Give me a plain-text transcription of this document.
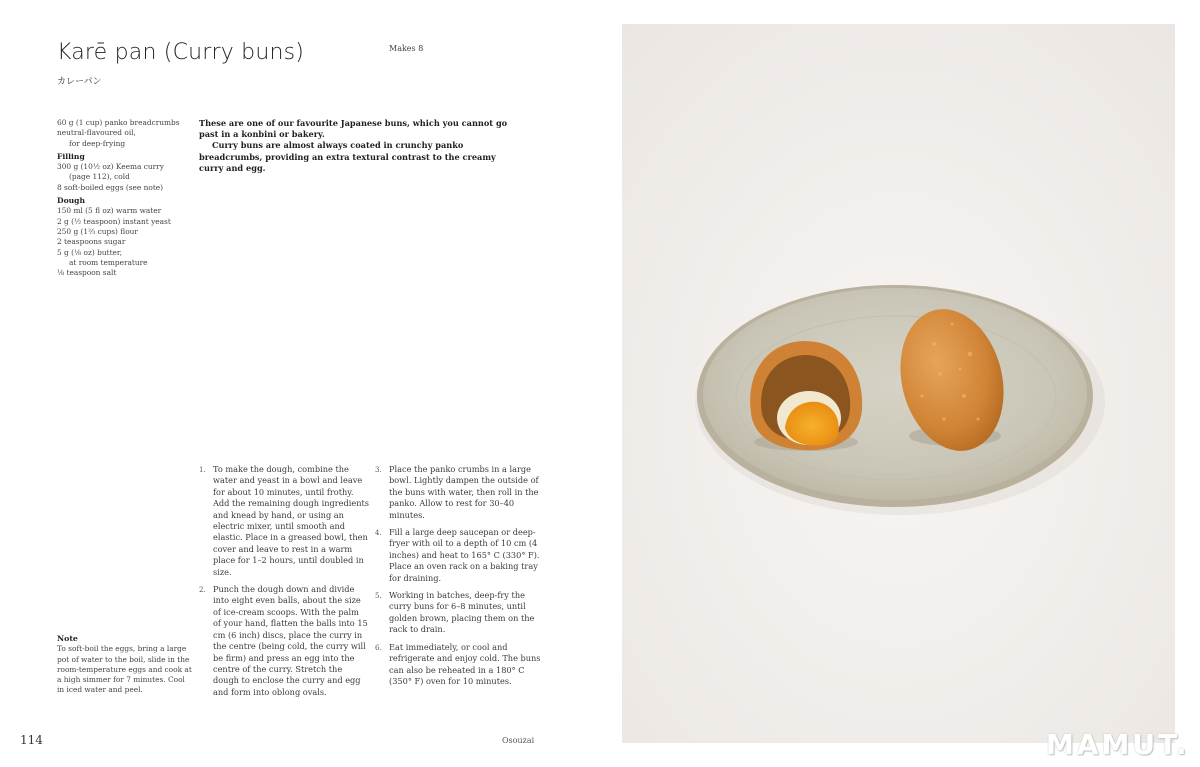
Karē pan (Curry buns)
カレーパン
Makes 8
60 g (1 cup) panko breadcrumbs
neutral-flavoured oil,
for deep-frying
Filling
300 g (10½ oz) Keema curry
(page 112), cold
8 soft-boiled eggs (see note)
Dough
150 ml (5 fl oz) warm water
2 g (½ teaspoon) instant yeast
250 g (1⅔ cups) flour
2 teaspoons sugar
5 g (⅛ oz) butter,
at room temperature
⅛ teaspoon salt

These are one of our favourite Japanese buns, which you cannot go past in a konbini or bakery.

Curry buns are almost always coated in crunchy panko breadcrumbs, providing an extra textural contrast to the creamy curry and egg.

1. To make the dough, combine the water and yeast in a bowl and leave for about 10 minutes, until frothy. Add the remaining dough ingredients and knead by hand, or using an electric mixer, until smooth and elastic. Place in a greased bowl, then cover and leave to rest in a warm place for 1–2 hours, until doubled in size.
2. Punch the dough down and divide into eight even balls, about the size of ice-cream scoops. With the palm of your hand, flatten the balls into 15 cm (6 inch) discs, place the curry in the centre (being cold, the curry will be firm) and press an egg into the centre of the curry. Stretch the dough to enclose the curry and egg and form into oblong ovals.
3. Place the panko crumbs in a large bowl. Lightly dampen the outside of the buns with water, then roll in the panko. Allow to rest for 30–40 minutes.
4. Fill a large deep saucepan or deep-fryer with oil to a depth of 10 cm (4 inches) and heat to 165° C (330° F). Place an oven rack on a baking tray for draining.
5. Working in batches, deep-fry the curry buns for 6–8 minutes, until golden brown, placing them on the rack to drain.
6. Eat immediately, or cool and refrigerate and enjoy cold. The buns can also be reheated in a 180° C (350° F) oven for 10 minutes.
Note
To soft-boil the eggs, bring a large pot of water to the boil, slide in the room-temperature eggs and cook at a high simmer for 7 minutes. Cool in iced water and peel.
114	Osouzai	MAMUT.
